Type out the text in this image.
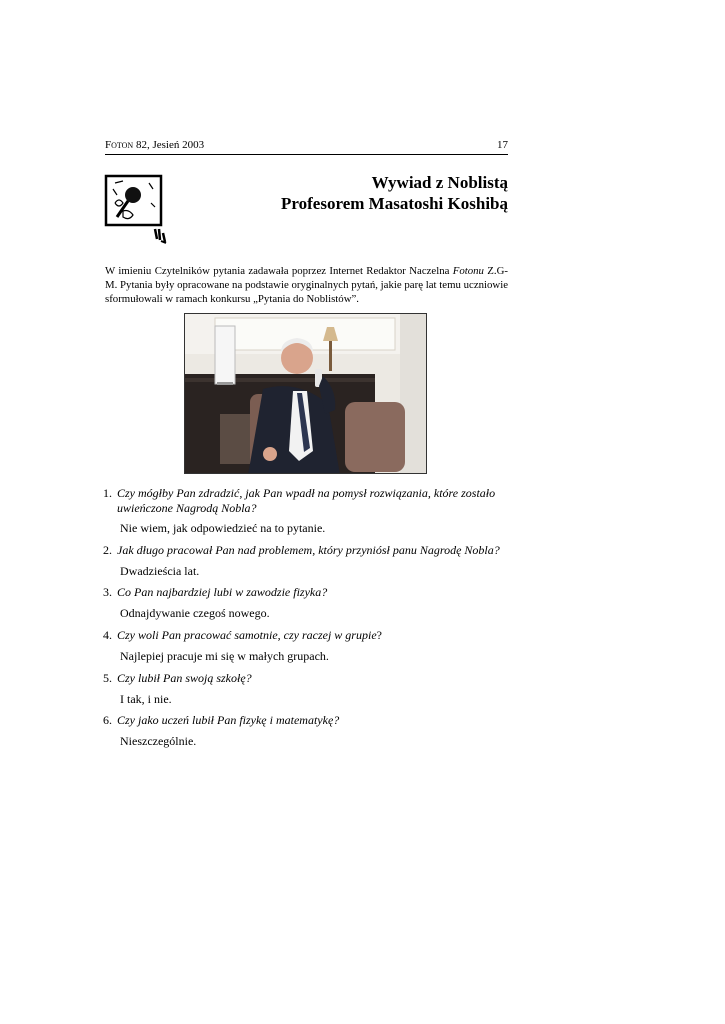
Foton 82, Jesień 2003	17
Wywiad z Noblistą
Profesorem Masatoshi Koshibą
W imieniu Czytelników pytania zadawała poprzez Internet Redaktor Naczelna Fotonu Z.G-M. Pytania były opracowane na podstawie oryginalnych pytań, jakie parę lat temu uczniowie sformułowali w ramach konkursu „Pytania do Noblistów”.
1. Czy mógłby Pan zdradzić, jak Pan wpadł na pomysł rozwiązania, które zostało uwieńczone Nagrodą Nobla?
Nie wiem, jak odpowiedzieć na to pytanie.
2. Jak długo pracował Pan nad problemem, który przyniósł panu Nagrodę Nobla?
Dwadzieścia lat.
3. Co Pan najbardziej lubi w zawodzie fizyka?
Odnajdywanie czegoś nowego.
4. Czy woli Pan pracować samotnie, czy raczej w grupie?
Najlepiej pracuje mi się w małych grupach.
5. Czy lubił Pan swoją szkołę?
I tak, i nie.
6. Czy jako uczeń lubił Pan fizykę i matematykę?
Nieszczególnie.
